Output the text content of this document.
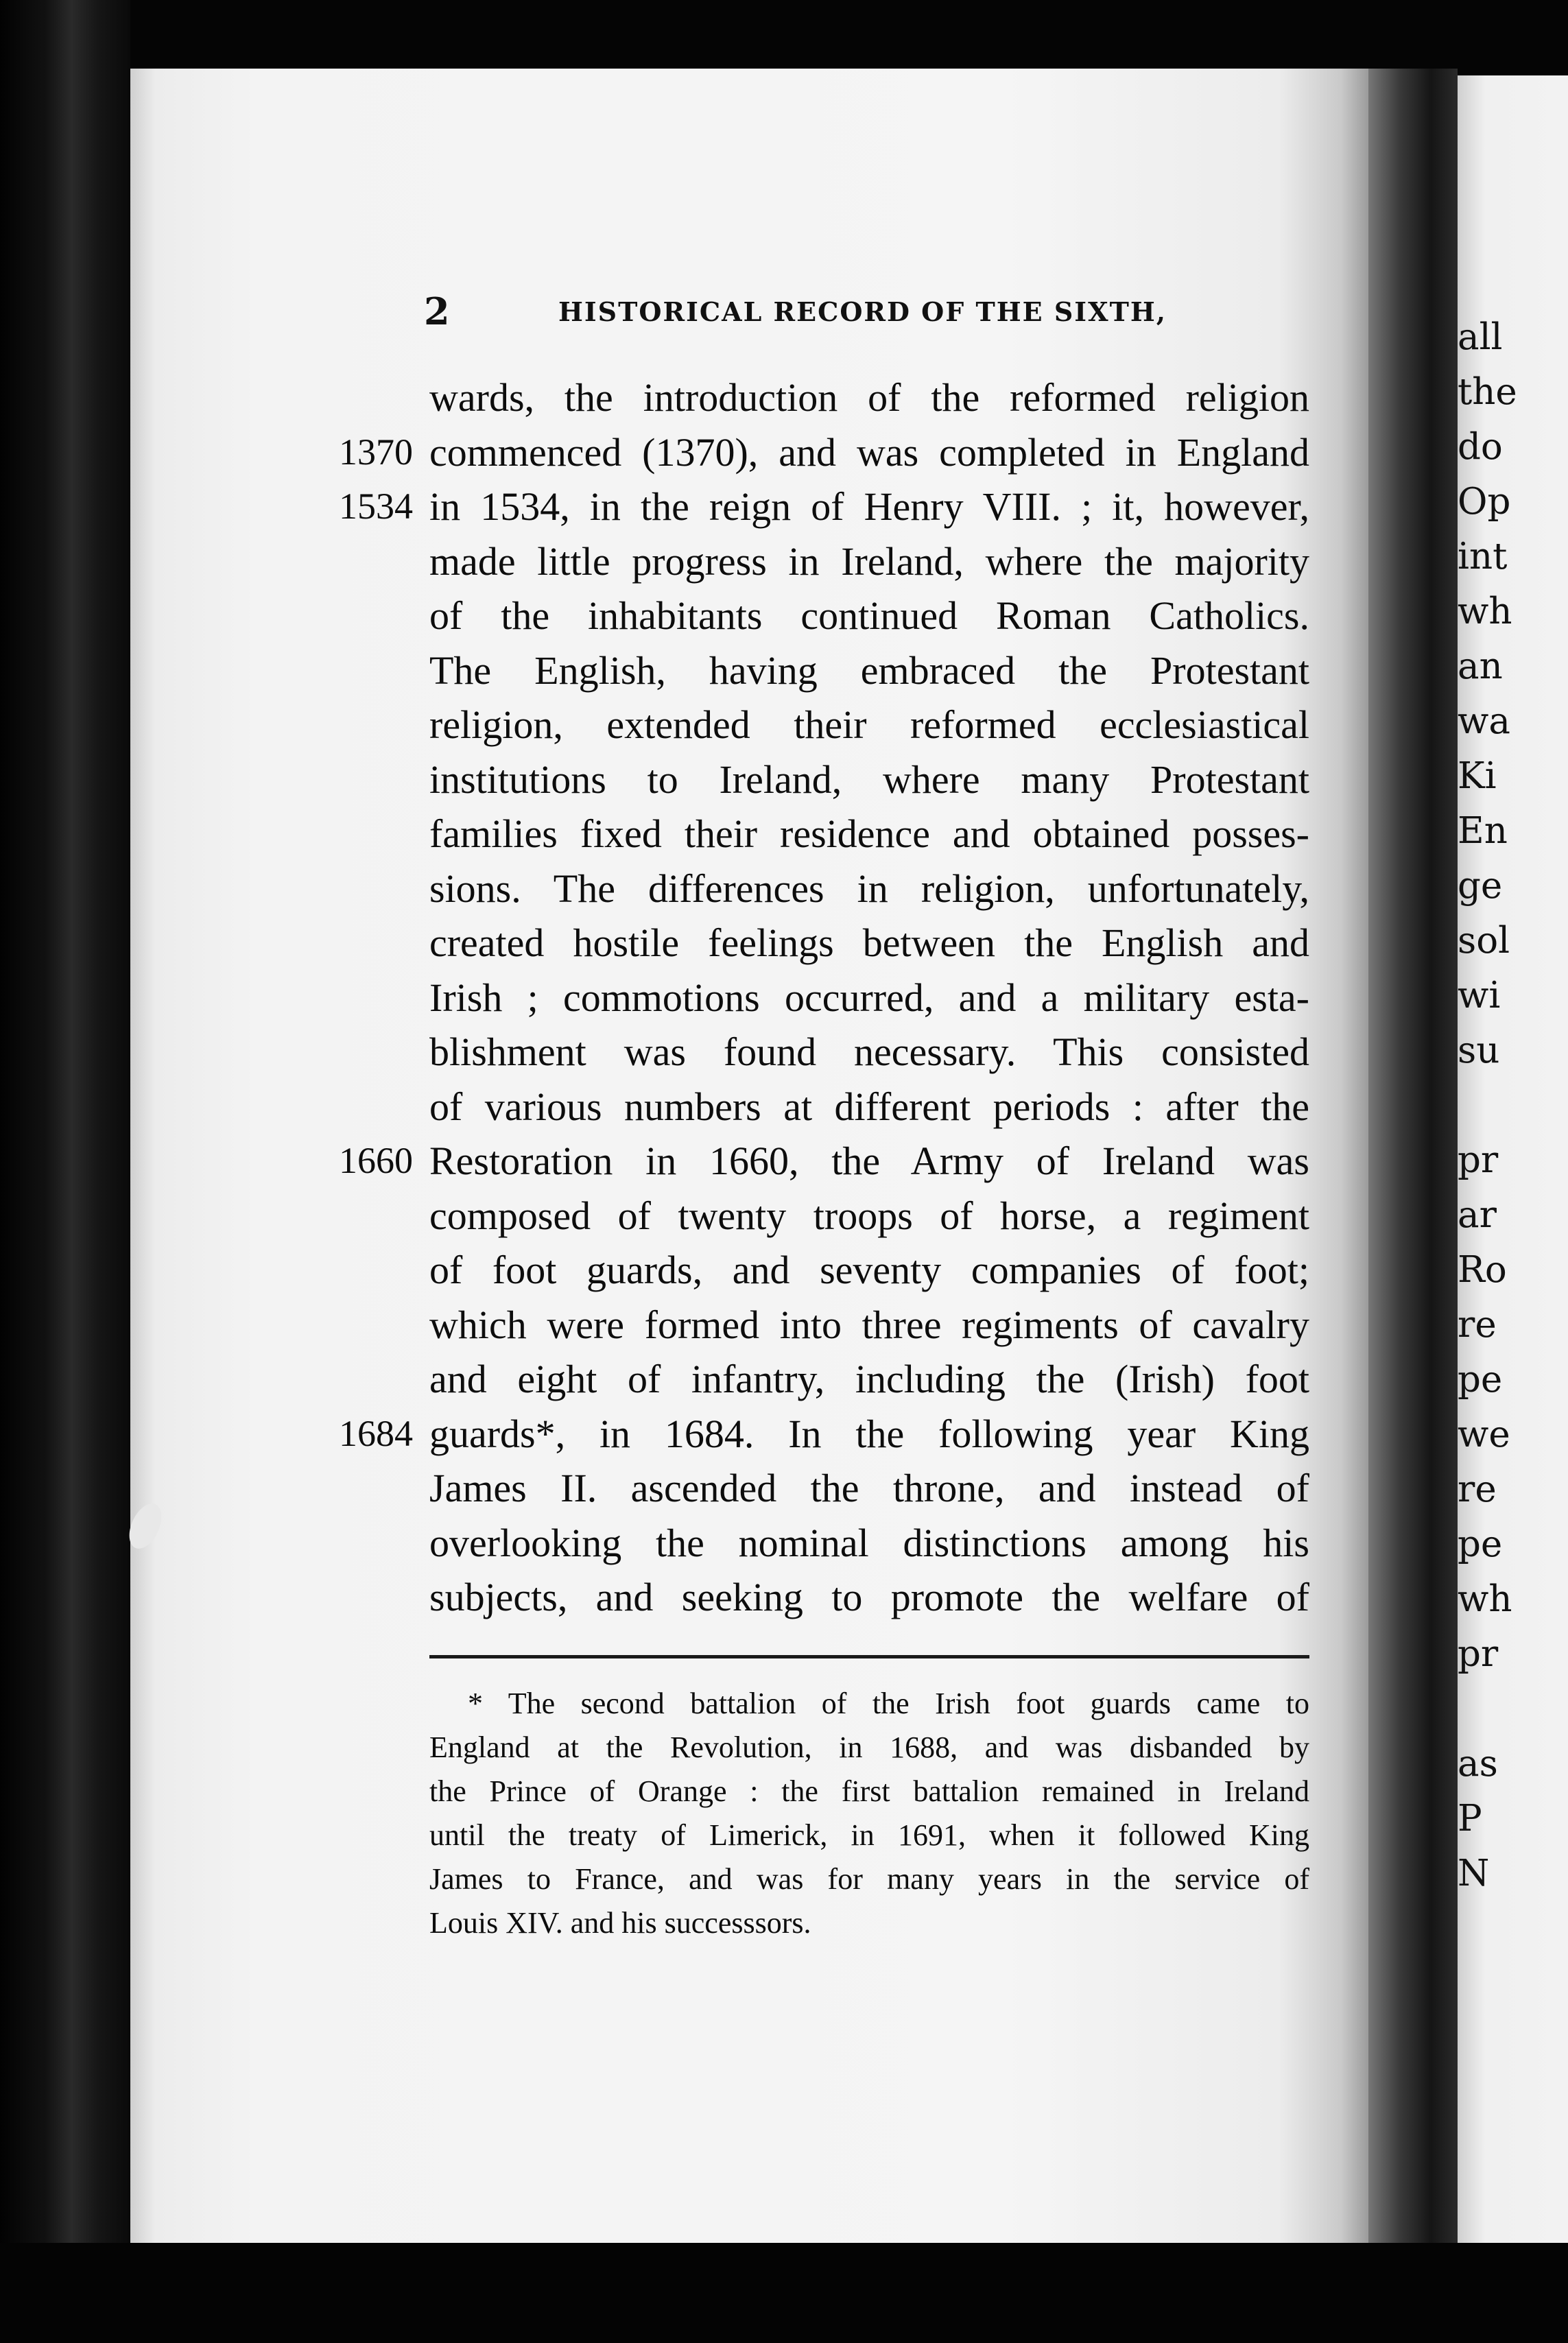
2	HISTORICAL RECORD OF THE SIXTH,
wards, the introduction of the reformed religion
commenced (1370), and was completed in England
1370
in 1534, in the reign of Henry VIII. ; it, however,
1534
made little progress in Ireland, where the majority
of the inhabitants continued Roman Catholics.
The English, having embraced the Protestant
religion, extended their reformed ecclesiastical
institutions to Ireland, where many Protestant
families fixed their residence and obtained posses-
sions. The differences in religion, unfortunately,
created hostile feelings between the English and
Irish ; commotions occurred, and a military esta-
blishment was found necessary. This consisted
of various numbers at different periods : after the
Restoration in 1660, the Army of Ireland was
1660
composed of twenty troops of horse, a regiment
of foot guards, and seventy companies of foot;
which were formed into three regiments of cavalry
and eight of infantry, including the (Irish) foot
guards*, in 1684. In the following year King
1684
James II. ascended the throne, and instead of
overlooking the nominal distinctions among his
subjects, and seeking to promote the welfare of
* The second battalion of the Irish foot guards came to
England at the Revolution, in 1688, and was disbanded by
the Prince of Orange : the first battalion remained in Ireland
until the treaty of Limerick, in 1691, when it followed King
James to France, and was for many years in the service of
Louis XIV. and his successsors.
all
the
do
Op
int
wh
an
wa
Ki
En
ge
sol
wi
su
pr
ar
Ro
re
pe
we
re
pe
wh
pr
as
P
N
